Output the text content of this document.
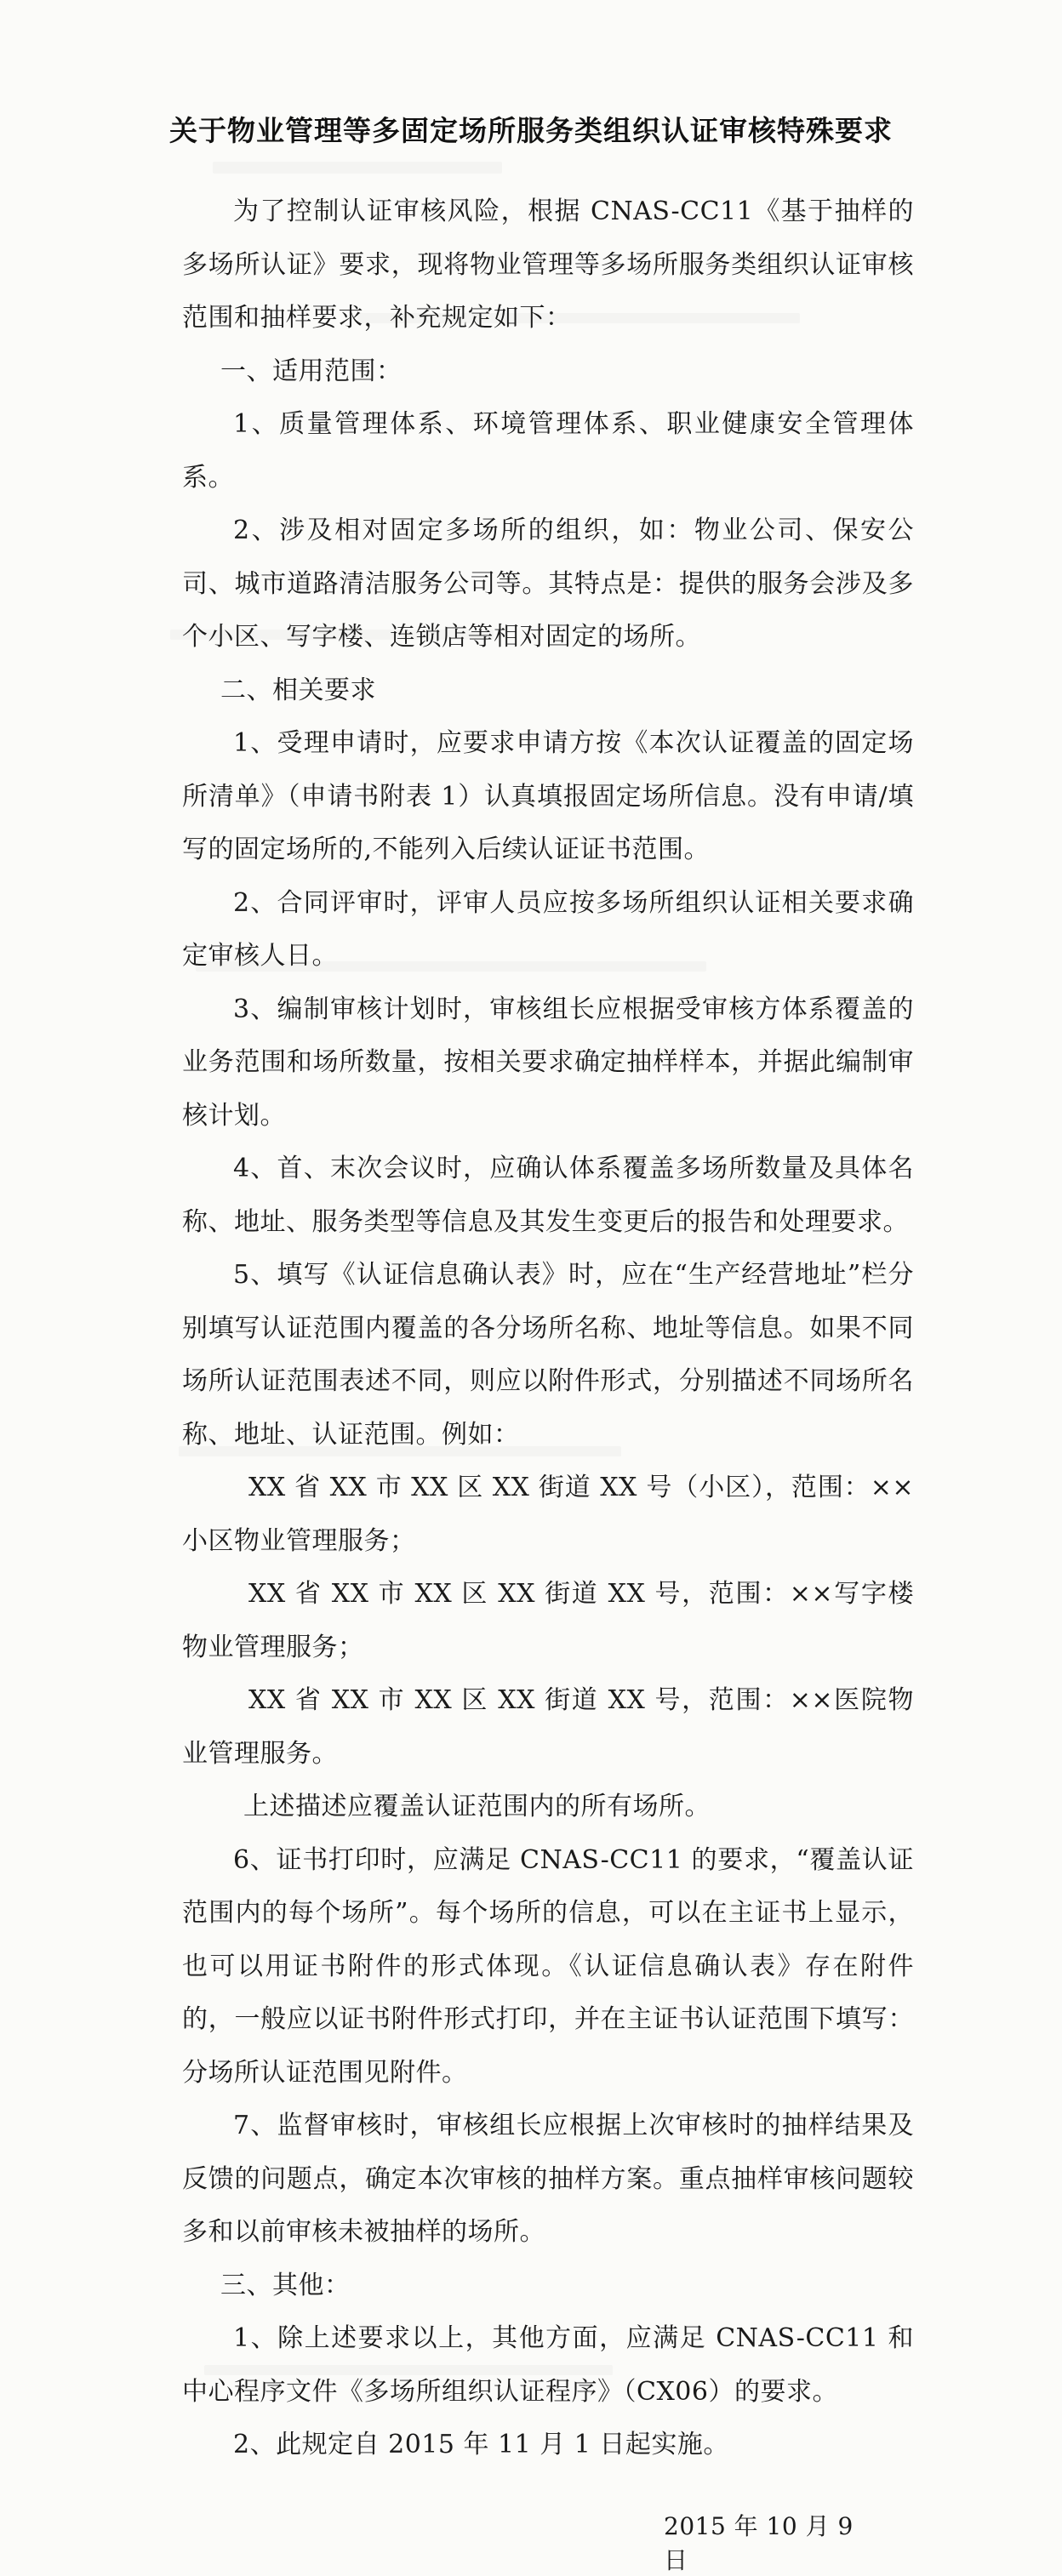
关于物业管理等多固定场所服务类组织认证审核特殊要求

为了控制认证审核风险，根据 CNAS-CC11《基于抽样的多场所认证》要求，现将物业管理等多场所服务类组织认证审核范围和抽样要求，补充规定如下：

一、适用范围：

1、质量管理体系、环境管理体系、职业健康安全管理体系。

2、涉及相对固定多场所的组织，如：物业公司、保安公司、城市道路清洁服务公司等。其特点是：提供的服务会涉及多个小区、写字楼、连锁店等相对固定的场所。

二、相关要求

1、受理申请时，应要求申请方按《本次认证覆盖的固定场所清单》（申请书附表 1）认真填报固定场所信息。没有申请/填写的固定场所的,不能列入后续认证证书范围。

2、合同评审时，评审人员应按多场所组织认证相关要求确定审核人日。

3、编制审核计划时，审核组长应根据受审核方体系覆盖的业务范围和场所数量，按相关要求确定抽样样本，并据此编制审核计划。

4、首、末次会议时，应确认体系覆盖多场所数量及具体名称、地址、服务类型等信息及其发生变更后的报告和处理要求。

5、填写《认证信息确认表》时，应在“生产经营地址”栏分别填写认证范围内覆盖的各分场所名称、地址等信息。如果不同场所认证范围表述不同，则应以附件形式，分别描述不同场所名称、地址、认证范围。例如：

XX 省 XX 市 XX 区 XX 街道 XX 号（小区），范围：××小区物业管理服务；

XX 省 XX 市 XX 区 XX 街道 XX 号，范围：××写字楼物业管理服务；

XX 省 XX 市 XX 区 XX 街道 XX 号，范围：××医院物业管理服务。

上述描述应覆盖认证范围内的所有场所。

6、证书打印时，应满足 CNAS-CC11 的要求，“覆盖认证范围内的每个场所”。每个场所的信息，可以在主证书上显示，也可以用证书附件的形式体现。《认证信息确认表》存在附件的，一般应以证书附件形式打印，并在主证书认证范围下填写：分场所认证范围见附件。

7、监督审核时，审核组长应根据上次审核时的抽样结果及反馈的问题点，确定本次审核的抽样方案。重点抽样审核问题较多和以前审核未被抽样的场所。

三、其他：

1、除上述要求以上，其他方面，应满足 CNAS-CC11 和中心程序文件《多场所组织认证程序》（CX06）的要求。

2、此规定自 2015 年 11 月 1 日起实施。

2015 年 10 月 9 日
